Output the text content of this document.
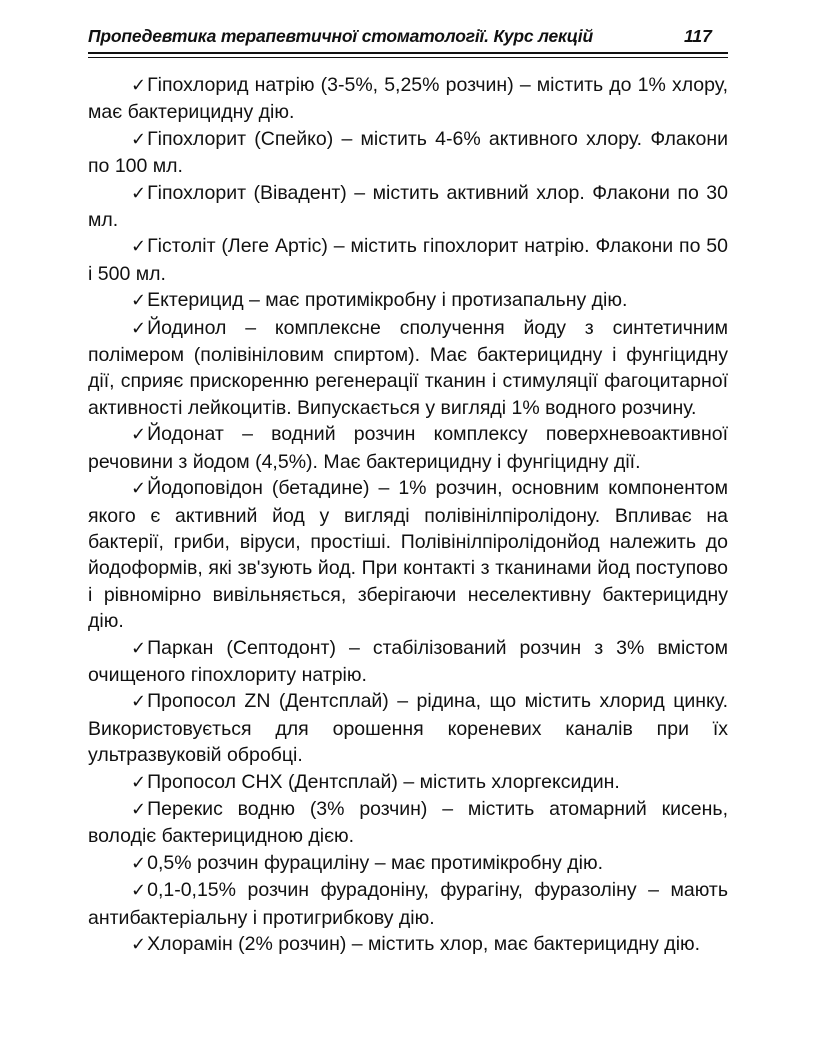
Пропедевтика терапевтичної стоматології. Курс лекцій	117

✓Гіпохлорид натрію (3-5%, 5,25% розчин) – містить до 1% хлору, має бактерицидну дію.

✓Гіпохлорит (Спейко) – містить 4-6% активного хлору. Флакони по 100 мл.

✓Гіпохлорит (Вівадент) – містить активний хлор. Флакони по 30 мл.

✓Гістоліт (Леге Артіс) – містить гіпохлорит натрію. Флакони по 50 і 500 мл.

✓Ектерицид – має протимікробну і протизапальну дію.

✓Йодинол – комплексне сполучення йоду з синтетичним полімером (полівініловим спиртом). Має бактерицидну і фунгіцидну дії, сприяє прискоренню регенерації тканин і стимуляції фагоцитарної активності лейкоцитів. Випускається у вигляді 1% водного розчину.

✓Йодонат – водний розчин комплексу поверхневоактивної речовини з йодом (4,5%). Має бактерицидну і фунгіцидну дії.

✓Йодоповідон (бетадине) – 1% розчин, основним компонентом якого є активний йод у вигляді полівінілпіролідону. Впливає на бактерії, гриби, віруси, простіші. Полівінілпіролідонйод належить до йодоформів, які зв'зують йод. При контакті з тканинами йод поступово і рівномірно вивільняється, зберігаючи неселективну бактерицидну дію.

✓Паркан (Септодонт) – стабілізований розчин з 3% вмістом очищеного гіпохлориту натрію.

✓Пропосол ZN (Дентсплай) – рідина, що містить хлорид цинку. Використовується для орошення кореневих каналів при їх ультразвуковій обробці.

✓Пропосол СНХ (Дентсплай) – містить хлоргексидин.

✓Перекис водню (3% розчин) – містить атомарний кисень, володіє бактерицидною дією.

✓0,5% розчин фурациліну – має протимікробну дію.

✓0,1-0,15% розчин фурадоніну, фурагіну, фуразоліну – мають антибактеріальну і протигрибкову дію.

✓Хлорамін (2% розчин) – містить хлор, має бактерицидну дію.
